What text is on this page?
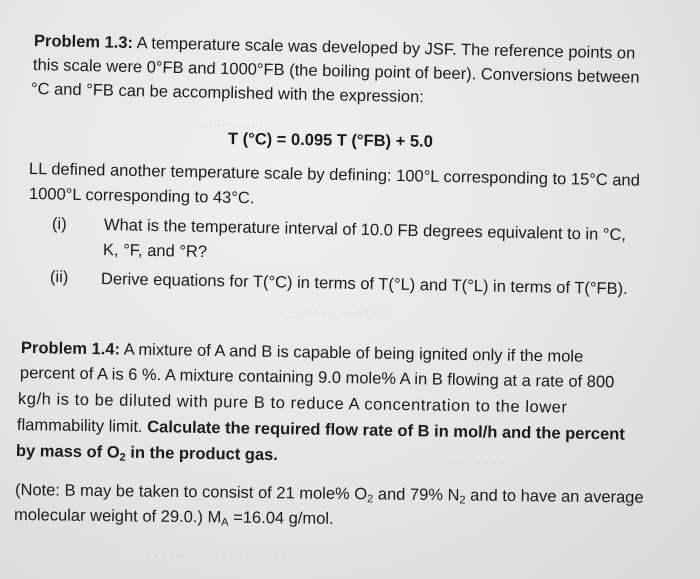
· · · · · · · ·
· · · · · · · · · · · · ·
· · · · · · · ·
· · · · · · · · · · · · · · · · · · · ·
Problem 1.3: A temperature scale was developed by JSF. The reference points on
this scale were 0°FB and 1000°FB (the boiling point of beer). Conversions between
°C and °FB can be accomplished with the expression:
T (°C) = 0.095 T (°FB) + 5.0
LL defined another temperature scale by defining: 100°L corresponding to 15°C and
1000°L corresponding to 43°C.
(i) What is the temperature interval of 10.0 FB degrees equivalent to in °C,
K, °F, and °R?
(ii) Derive equations for T(°C) in terms of T(°L) and T(°L) in terms of T(°FB).
Problem 1.4: A mixture of A and B is capable of being ignited only if the mole
percent of A is 6 %. A mixture containing 9.0 mole% A in B flowing at a rate of 800
kg/h is to be diluted with pure B to reduce A concentration to the lower
flammability limit. Calculate the required flow rate of B in mol/h and the percent
by mass of $O_2$ in the product gas.
(Note: B may be taken to consist of 21 mole% $O_2$ and 79% $N_2$ and to have an average
molecular weight of 29.0.) $M_A =16.04$ g/mol.
